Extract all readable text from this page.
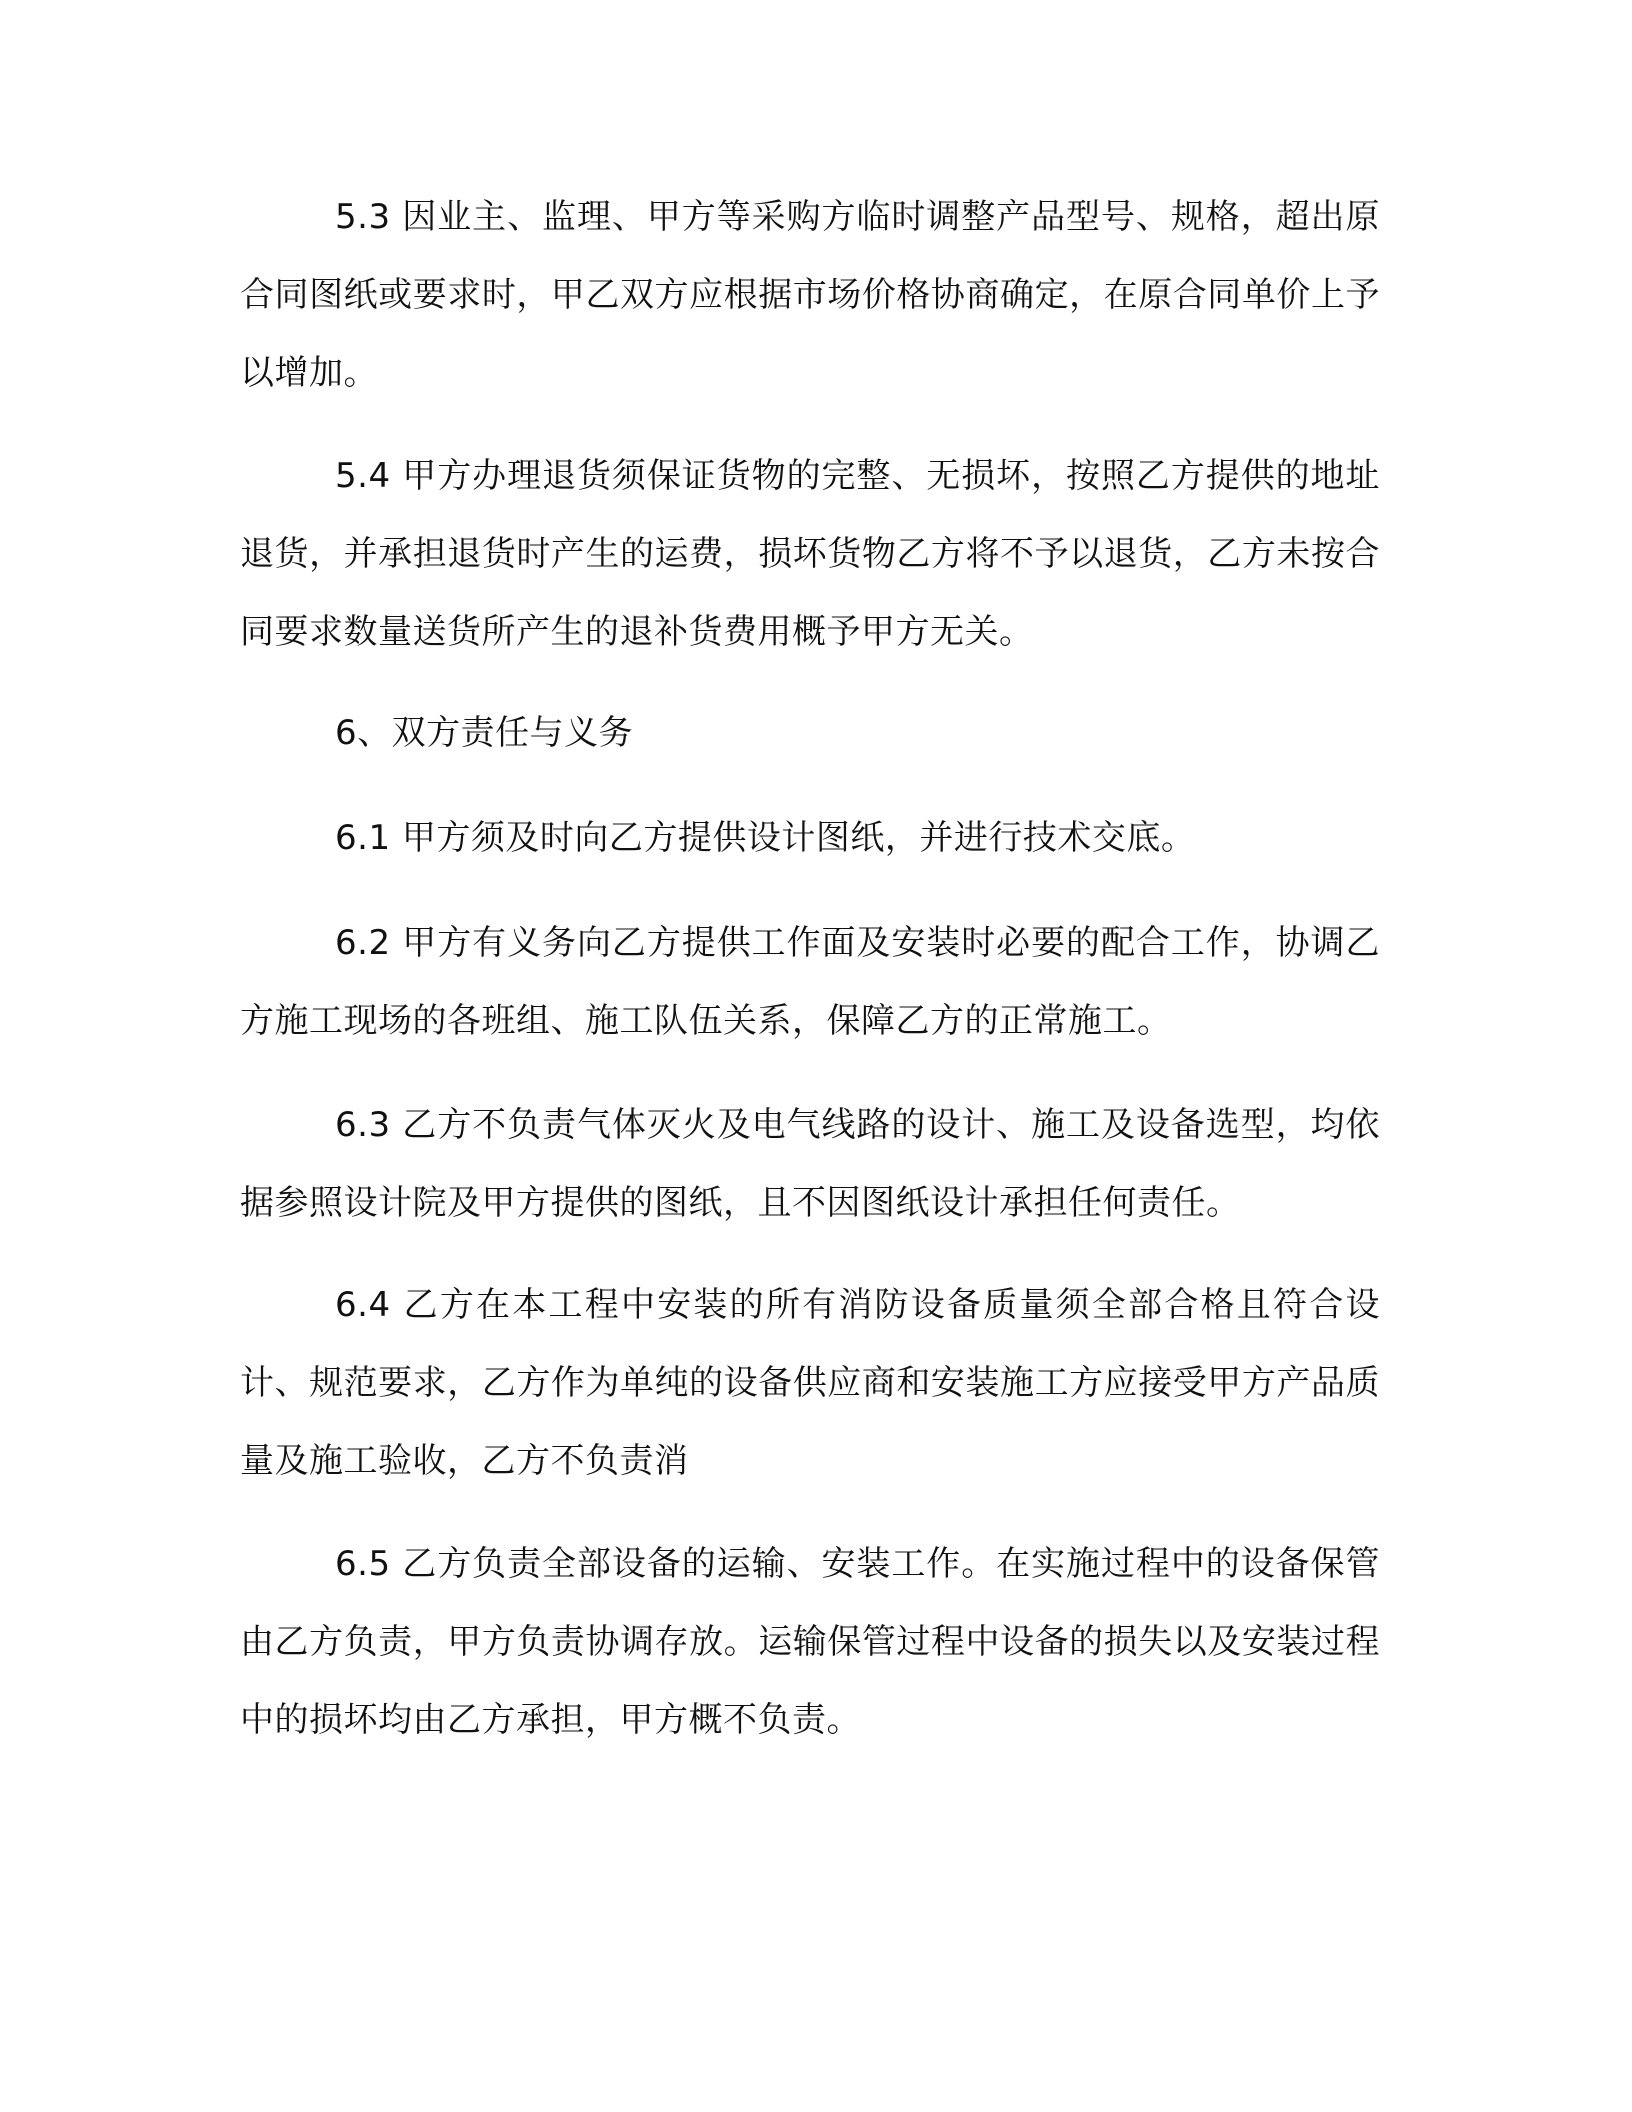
5.3 因业主、监理、甲方等采购方临时调整产品型号、规格，超出原合同图纸或要求时，甲乙双方应根据市场价格协商确定，在原合同单价上予以增加。

5.4 甲方办理退货须保证货物的完整、无损坏，按照乙方提供的地址退货，并承担退货时产生的运费，损坏货物乙方将不予以退货，乙方未按合同要求数量送货所产生的退补货费用概予甲方无关。

6、双方责任与义务

6.1 甲方须及时向乙方提供设计图纸，并进行技术交底。

6.2 甲方有义务向乙方提供工作面及安装时必要的配合工作，协调乙方施工现场的各班组、施工队伍关系，保障乙方的正常施工。

6.3 乙方不负责气体灭火及电气线路的设计、施工及设备选型，均依据参照设计院及甲方提供的图纸，且不因图纸设计承担任何责任。

6.4 乙方在本工程中安装的所有消防设备质量须全部合格且符合设计、规范要求，乙方作为单纯的设备供应商和安装施工方应接受甲方产品质量及施工验收，乙方不负责消

6.5 乙方负责全部设备的运输、安装工作。在实施过程中的设备保管由乙方负责，甲方负责协调存放。运输保管过程中设备的损失以及安装过程中的损坏均由乙方承担，甲方概不负责。
